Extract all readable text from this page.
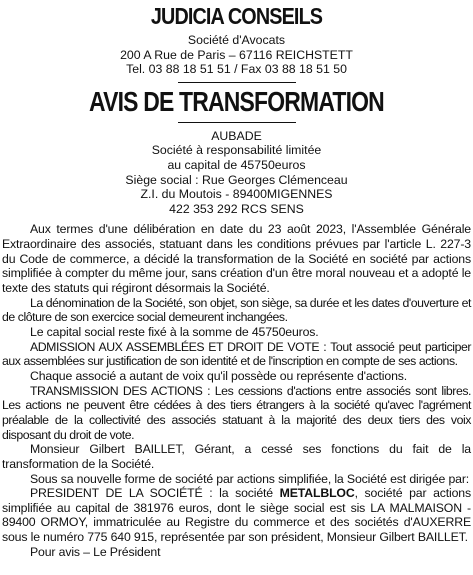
JUDICIA CONSEILS

Société d'Avocats

200 A Rue de Paris – 67116 REICHSTETT

Tel. 03 88 18 51 51 / Fax 03 88 18 51 50

AVIS DE TRANSFORMATION

AUBADE

Société à responsabilité limitée

au capital de 45750euros

Siège social : Rue Georges Clémenceau

Z.I. du Moutois - 89400MIGENNES

422 353 292 RCS SENS

Aux termes d'une délibération en date du 23 août 2023, l'Assemblée Générale Extraordinaire des associés, statuant dans les conditions prévues par l'article L. 227-3 du Code de commerce, a décidé la transformation de la Société en société par actions simplifiée à compter du même jour, sans création d'un être moral nouveau et a adopté le texte des statuts qui régiront désormais la Société.

La dénomination de la Société, son objet, son siège, sa durée et les dates d'ouverture et de clôture de son exercice social demeurent inchangées.

Le capital social reste fixé à la somme de 45750euros.

ADMISSION AUX ASSEMBLÉES ET DROIT DE VOTE : Tout associé peut participer aux assemblées sur justification de son identité et de l'inscription en compte de ses actions.

Chaque associé a autant de voix qu'il possède ou représente d'actions.

TRANSMISSION DES ACTIONS : Les cessions d'actions entre associés sont libres. Les actions ne peuvent être cédées à des tiers étrangers à la société qu'avec l'agrément préalable de la collectivité des associés statuant à la majorité des deux tiers des voix disposant du droit de vote.

Monsieur Gilbert BAILLET, Gérant, a cessé ses fonctions du fait de la transformation de la Société.

Sous sa nouvelle forme de société par actions simplifiée, la Société est dirigée par:

PRESIDENT DE LA SOCIÉTÉ : la société METALBLOC, société par actions simplifiée au capital de 381976 euros, dont le siège social est sis LA MALMAISON - 89400 ORMOY, immatriculée au Registre du commerce et des sociétés d'AUXERRE sous le numéro 775 640 915, représentée par son président, Monsieur Gilbert BAILLET.

Pour avis – Le Président
